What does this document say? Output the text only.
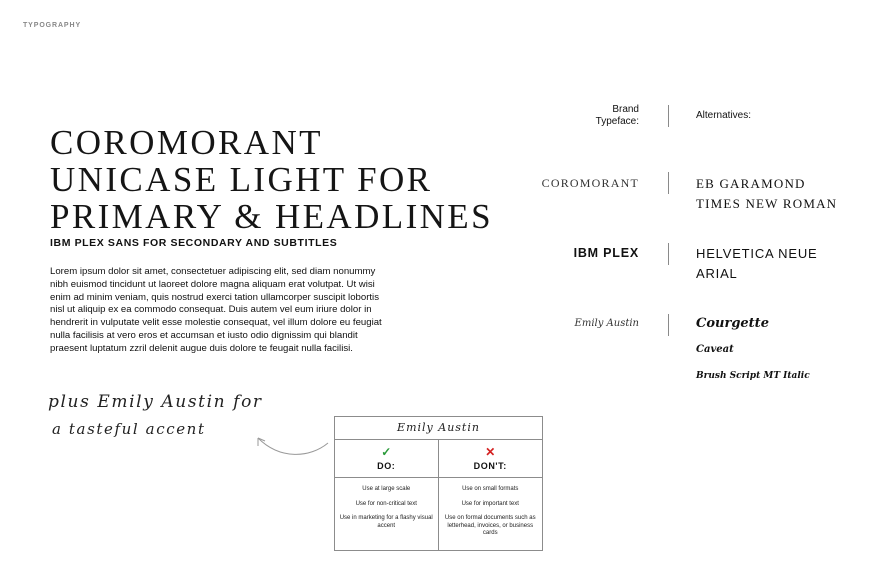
TYPOGRAPHY
COROMORANT
UNICASE LIGHT FOR
PRIMARY & HEADLINES
IBM PLEX SANS FOR SECONDARY AND SUBTITLES

Lorem ipsum dolor sit amet, consectetuer adipiscing elit, sed diam nonummy nibh euismod tincidunt ut laoreet dolore magna aliquam erat volutpat. Ut wisi enim ad minim veniam, quis nostrud exerci tation ullamcorper suscipit lobortis nisl ut aliquip ex ea commodo consequat. Duis autem vel eum iriure dolor in hendrerit in vulputate velit esse molestie consequat, vel illum dolore eu feugiat nulla facilisis at vero eros et accumsan et iusto odio dignissim qui blandit praesent luptatum zzril delenit augue duis dolore te feugait nulla facilisi.

plus Emily Austin for
a tasteful accent
Brand
Typeface:
Alternatives:
COROMORANT	EB GARAMOND
TIMES NEW ROMAN
IBM PLEX	HELVETICA NEUE
ARIAL
Emily Austin	Courgette
Caveat
Brush Script MT Italic
Emily Austin
✓
DO:
Use at large scale
Use for non-critical text
Use in marketing for a flashy visual accent
✕
DON'T:
Use on small formats
Use for important text
Use on formal documents such as letterhead, invoices, or business cards
